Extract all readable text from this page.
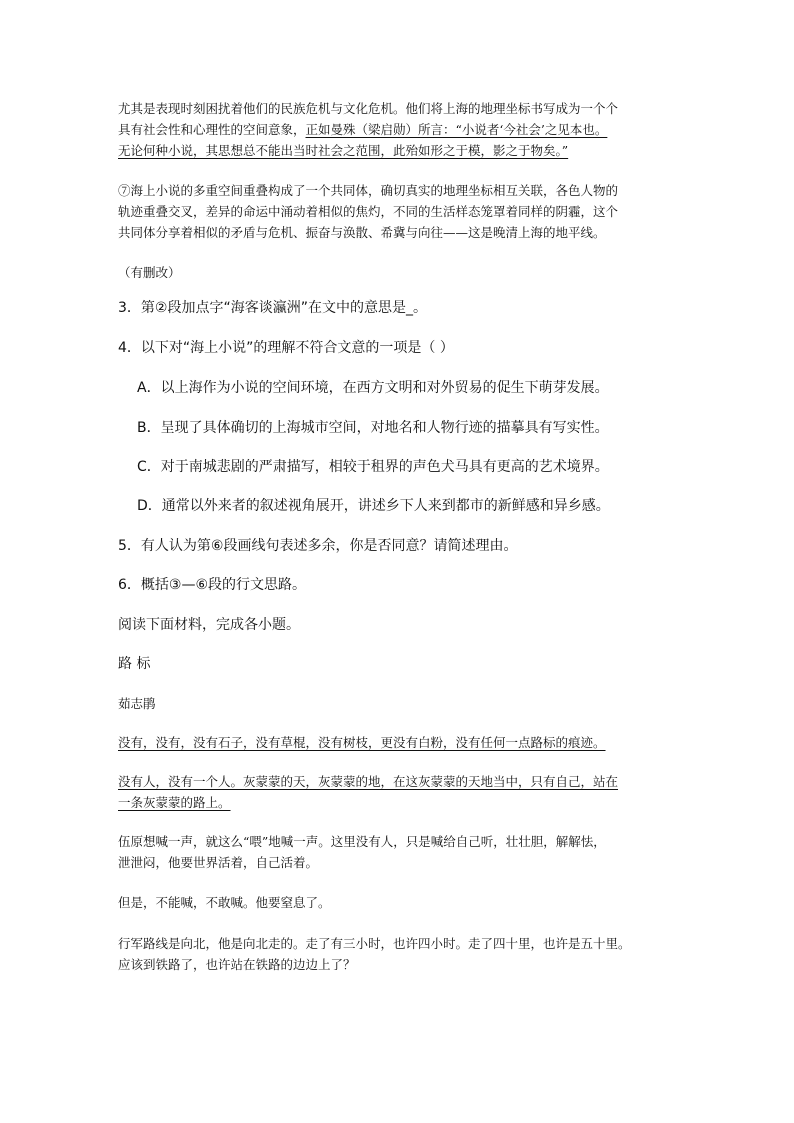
尤其是表现时刻困扰着他们的民族危机与文化危机。他们将上海的地理坐标书写成为一个个
具有社会性和心理性的空间意象，正如曼殊（梁启勋）所言：“小说者‘今社会’之见本也。
无论何种小说，其思想总不能出当时社会之范围，此殆如形之于模，影之于物矣。”

⑦海上小说的多重空间重叠构成了一个共同体，确切真实的地理坐标相互关联，各色人物的
轨迹重叠交叉，差异的命运中涌动着相似的焦灼，不同的生活样态笼罩着同样的阴霾，这个
共同体分享着相似的矛盾与危机、振奋与涣散、希冀与向往——这是晚清上海的地平线。

（有删改）

3．第②段加点字“海客谈瀛洲”在文中的意思是_。

4．以下对“海上小说”的理解不符合文意的一项是（ ）

A．以上海作为小说的空间环境，在西方文明和对外贸易的促生下萌芽发展。

B．呈现了具体确切的上海城市空间，对地名和人物行迹的描摹具有写实性。

C．对于南城悲剧的严肃描写，相较于租界的声色犬马具有更高的艺术境界。

D．通常以外来者的叙述视角展开，讲述乡下人来到都市的新鲜感和异乡感。

5．有人认为第⑥段画线句表述多余，你是否同意？请简述理由。

6．概括③—⑥段的行文思路。

阅读下面材料，完成各小题。

路 标

茹志鹃

没有，没有，没有石子，没有草棍，没有树枝，更没有白粉，没有任何一点路标的痕迹。

没有人，没有一个人。灰蒙蒙的天，灰蒙蒙的地，在这灰蒙蒙的天地当中，只有自己，站在
一条灰蒙蒙的路上。

伍原想喊一声，就这么“喂”地喊一声。这里没有人，只是喊给自己听，壮壮胆，解解怯，
泄泄闷，他要世界活着，自己活着。

但是，不能喊，不敢喊。他要窒息了。

行军路线是向北，他是向北走的。走了有三小时，也许四小时。走了四十里，也许是五十里。
应该到铁路了，也许站在铁路的边边上了？
